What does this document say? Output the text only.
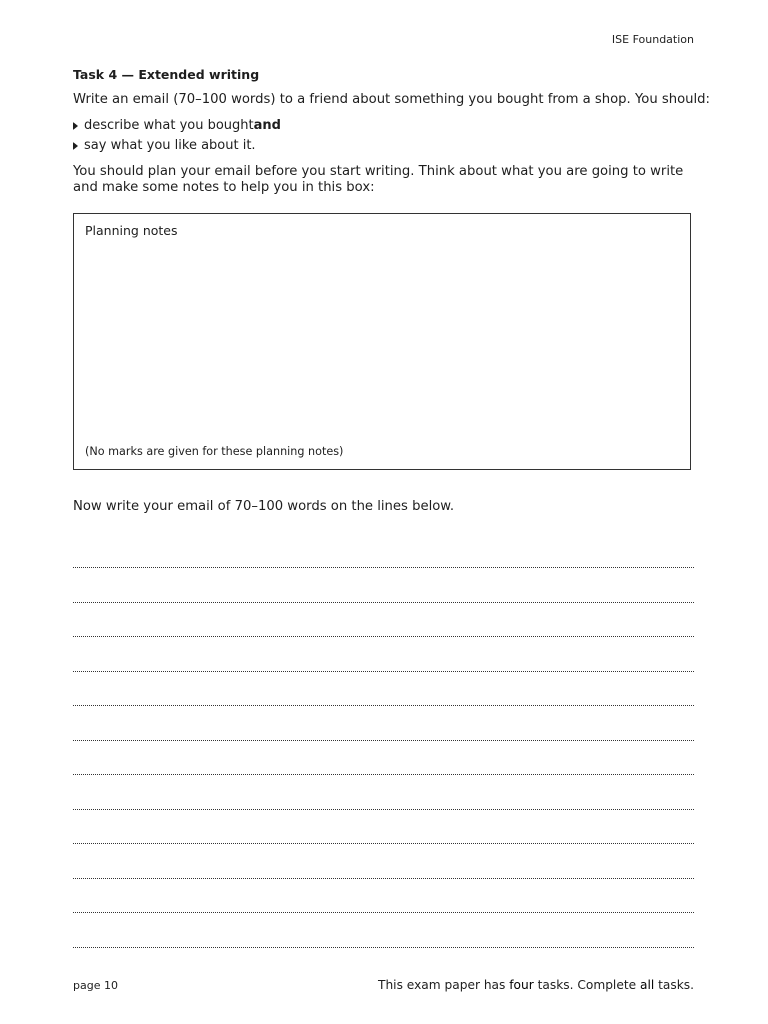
ISE Foundation
Task 4 — Extended writing
Write an email (70–100 words) to a friend about something you bought from a shop. You should:
describe what you bought and
say what you like about it.
You should plan your email before you start writing. Think about what you are going to write and make some notes to help you in this box:
Planning notes
(No marks are given for these planning notes)
Now write your email of 70–100 words on the lines below.
page 10	This exam paper has four tasks. Complete all tasks.
